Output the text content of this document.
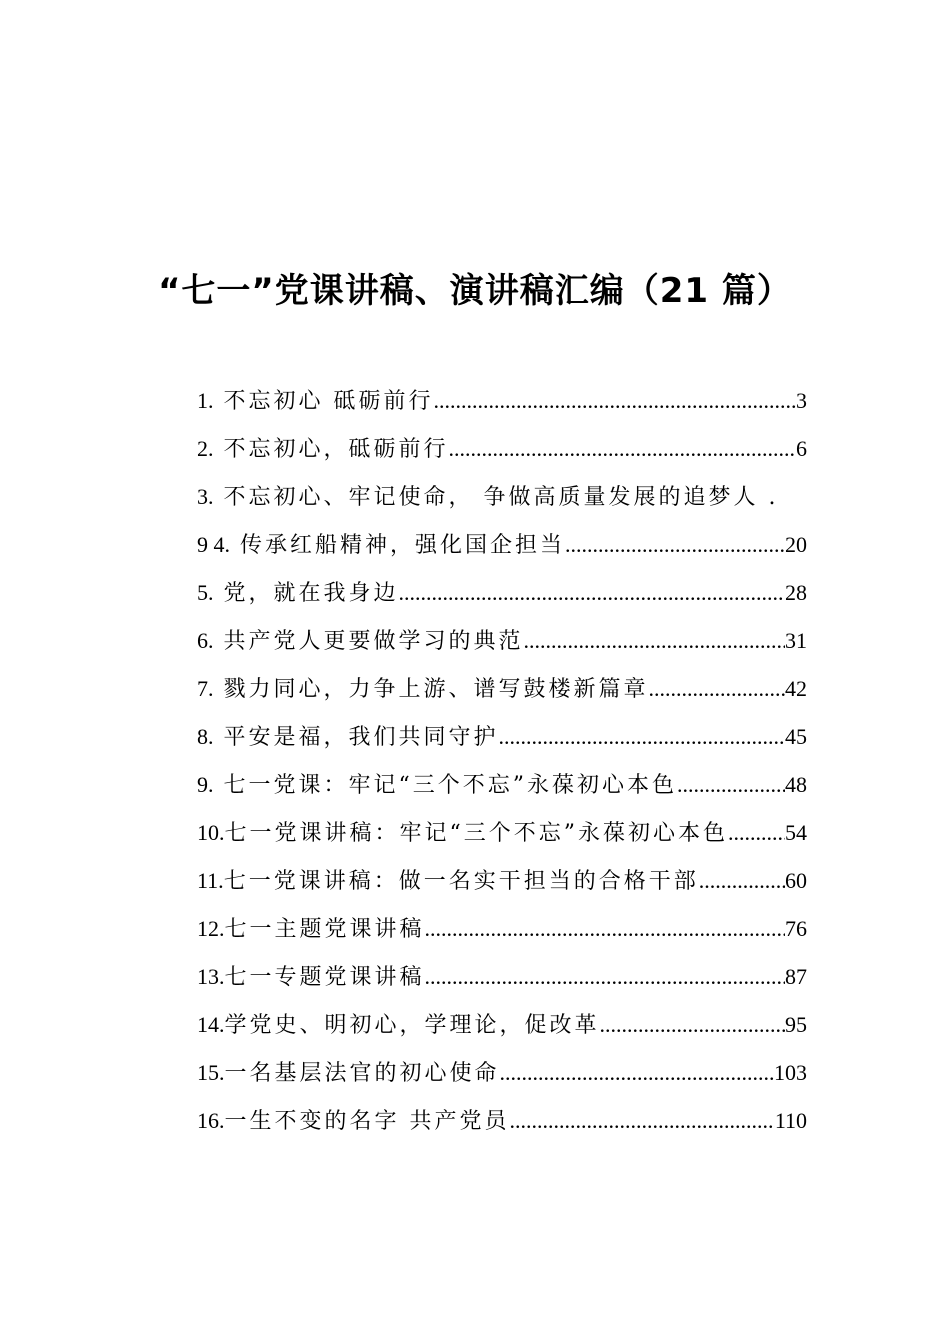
“七一”党课讲稿、演讲稿汇编（21 篇）
1. 不忘初心 砥砺前行 .....	3
2. 不忘初心，砥砺前行 .....	6
3. 不忘初心、牢记使命， 争做高质量发展的追梦人 .
9 4. 传承红船精神，强化国企担当 .....	20
5. 党，就在我身边 .....	28
6. 共产党人更要做学习的典范 .....	31
7. 戮力同心，力争上游、谱写鼓楼新篇章 .....	42
8. 平安是福，我们共同守护 .....	45
9. 七一党课：牢记“三个不忘”永葆初心本色 .....	48
10.七一党课讲稿：牢记“三个不忘”永葆初心本色 .....	54
11.七一党课讲稿：做一名实干担当的合格干部 .....	60
12.七一主题党课讲稿 .....	76
13.七一专题党课讲稿 .....	87
14.学党史、明初心，学理论，促改革 .....	95
15.一名基层法官的初心使命 .....	103
16.一生不变的名字 共产党员 .....	110
